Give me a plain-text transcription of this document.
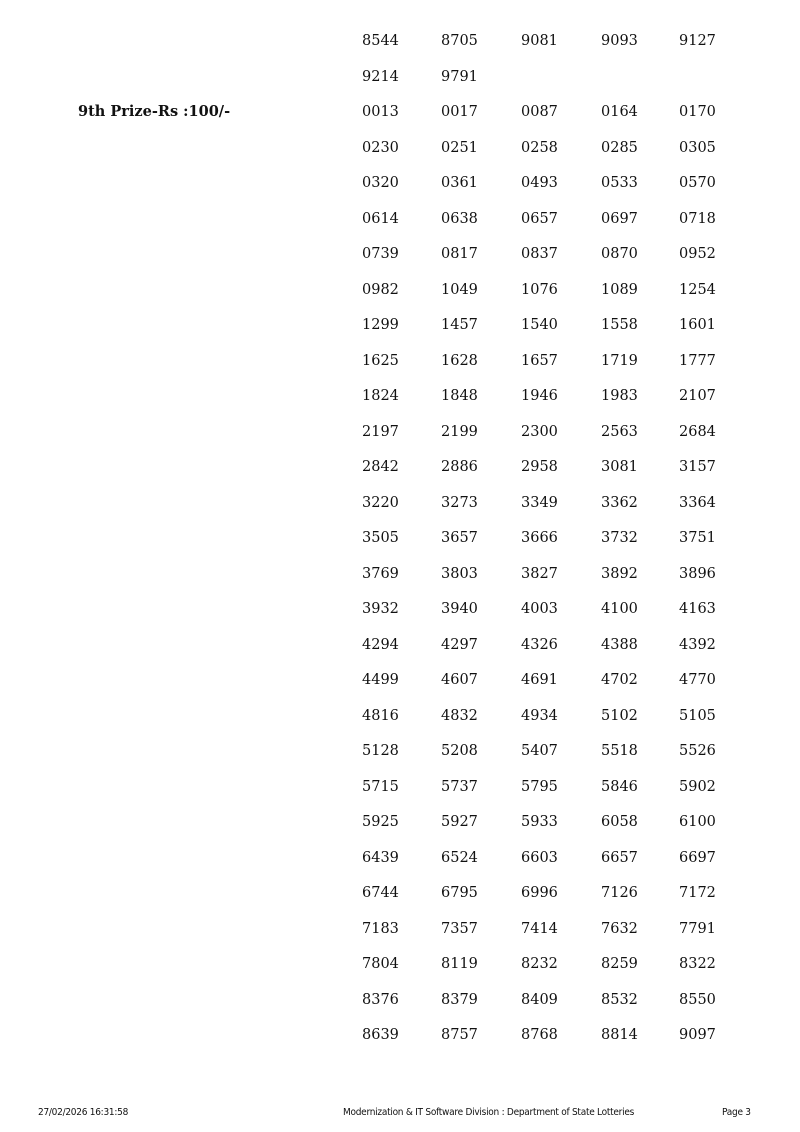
8544	8705	9081	9093	9127
9214	9791
9th Prize-Rs :100/-	0013	0017	0087	0164	0170
0230	0251	0258	0285	0305
0320	0361	0493	0533	0570
0614	0638	0657	0697	0718
0739	0817	0837	0870	0952
0982	1049	1076	1089	1254
1299	1457	1540	1558	1601
1625	1628	1657	1719	1777
1824	1848	1946	1983	2107
2197	2199	2300	2563	2684
2842	2886	2958	3081	3157
3220	3273	3349	3362	3364
3505	3657	3666	3732	3751
3769	3803	3827	3892	3896
3932	3940	4003	4100	4163
4294	4297	4326	4388	4392
4499	4607	4691	4702	4770
4816	4832	4934	5102	5105
5128	5208	5407	5518	5526
5715	5737	5795	5846	5902
5925	5927	5933	6058	6100
6439	6524	6603	6657	6697
6744	6795	6996	7126	7172
7183	7357	7414	7632	7791
7804	8119	8232	8259	8322
8376	8379	8409	8532	8550
8639	8757	8768	8814	9097
27/02/2026 16:31:58	Modernization & IT Software Division : Department of State Lotteries	Page 3
